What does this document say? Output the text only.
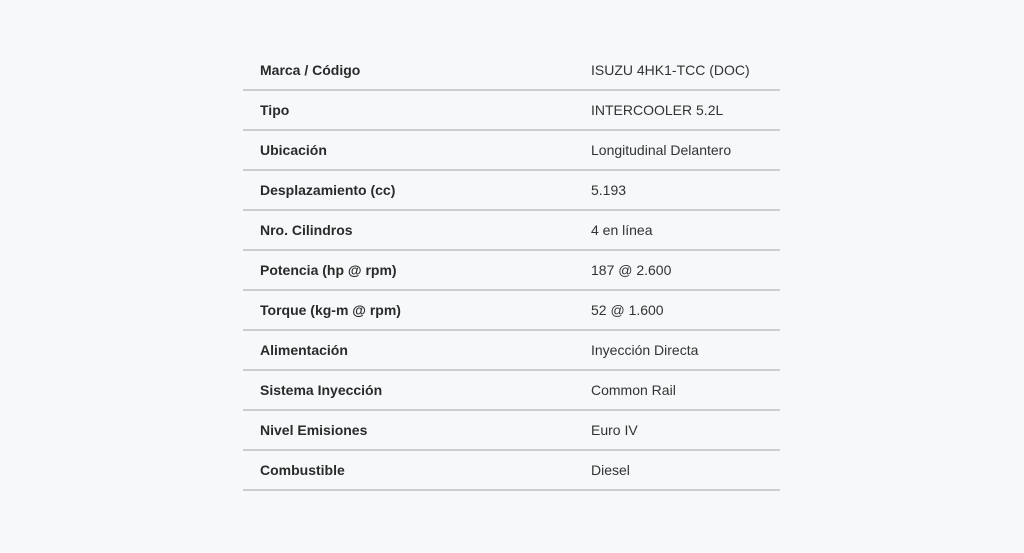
Marca / Código	ISUZU 4HK1-TCC (DOC)
Tipo	INTERCOOLER 5.2L
Ubicación	Longitudinal Delantero
Desplazamiento (cc)	5.193
Nro. Cilindros	4 en línea
Potencia (hp @ rpm)	187 @ 2.600
Torque (kg-m @ rpm)	52 @ 1.600
Alimentación	Inyección Directa
Sistema Inyección	Common Rail
Nivel Emisiones	Euro IV
Combustible	Diesel
